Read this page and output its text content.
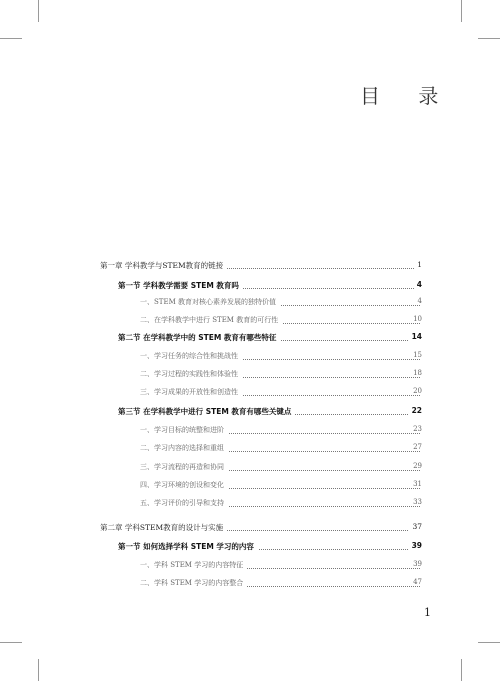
目 录
第一章 学科教学与STEM教育的链接	1
第一节 学科教学需要 STEM 教育吗	4
一、STEM 教育对核心素养发展的独特价值	4
二、在学科教学中进行 STEM 教育的可行性	10
第二节 在学科教学中的 STEM 教育有哪些特征	14
一、学习任务的综合性和挑战性	15
二、学习过程的实践性和体验性	18
三、学习成果的开放性和创造性	20
第三节 在学科教学中进行 STEM 教育有哪些关键点	22
一、学习目标的统整和进阶	23
二、学习内容的选择和重组	27
三、学习流程的再造和协同	29
四、学习环境的创设和变化	31
五、学习评价的引导和支持	33
第二章 学科STEM教育的设计与实施	37
第一节 如何选择学科 STEM 学习的内容	39
一、学科 STEM 学习的内容特征	39
二、学科 STEM 学习的内容整合	47
1
